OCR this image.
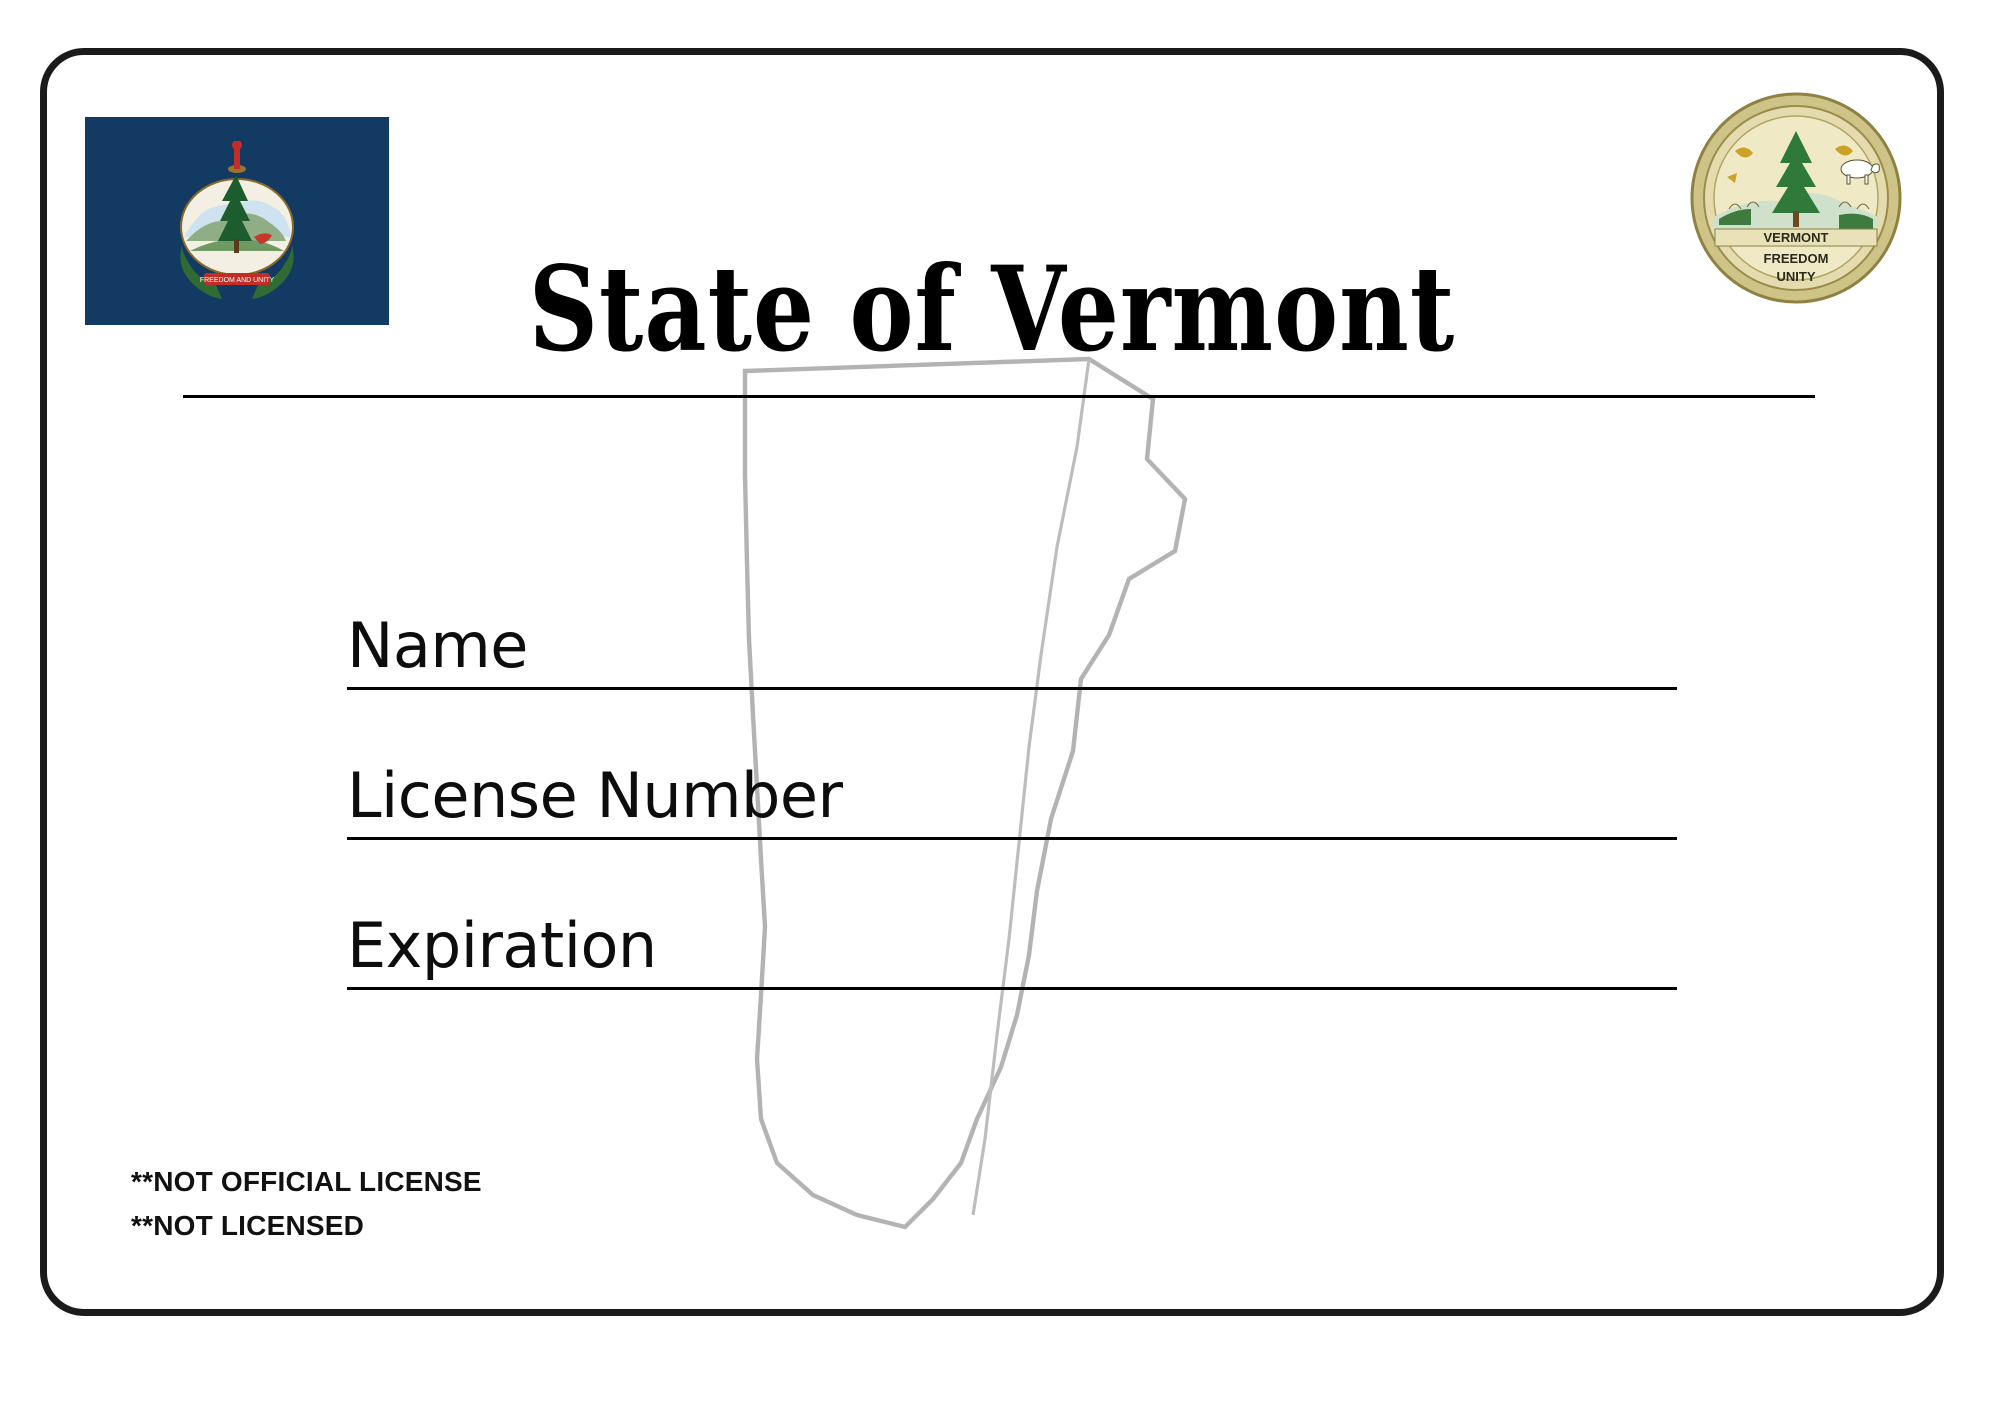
FREEDOM AND UNITY
VERMONT
FREEDOM
UNITY
State of Vermont
Name
License Number
Expiration
**NOT OFFICIAL LICENSE
**NOT LICENSED
